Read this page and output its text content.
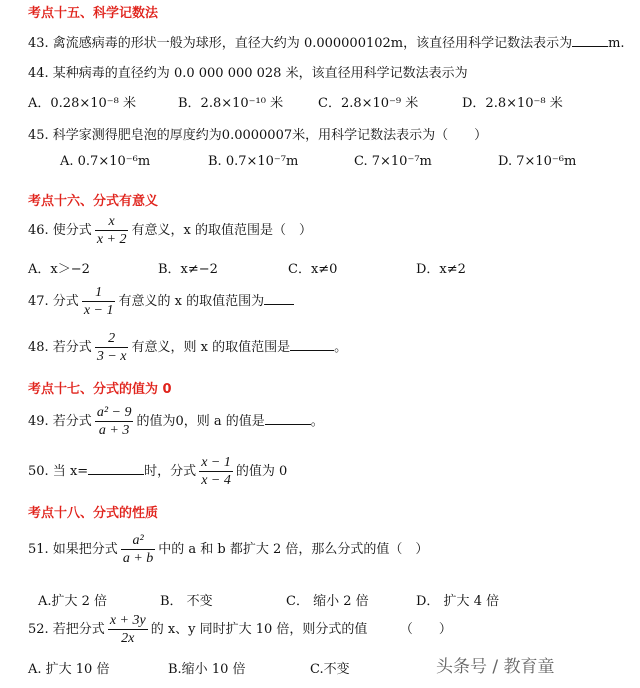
考点十五、科学记数法
43. 禽流感病毒的形状一般为球形，直径大约为 0.000000102m，该直径用科学记数法表示为	m.
44. 某种病毒的直径约为 0.0 000 000 028 米，该直径用科学记数法表示为
A．0.28×10⁻⁸ 米	B．2.8×10⁻¹⁰ 米	C．2.8×10⁻⁹ 米	D．2.8×10⁻⁸ 米
45. 科学家测得肥皂泡的厚度约为0.0000007米，用科学记数法表示为（　　）
A. 0.7×10⁻⁶m	B. 0.7×10⁻⁷m	C. 7×10⁻⁷m	D. 7×10⁻⁶m
考点十六、分式有意义
46. 使分式 $\frac{x}{x + 2}$ 有意义，x 的取值范围是（　）
A．x＞−2	B．x≠−2	C．x≠0	D．x≠2
47. 分式 $\frac{1}{x - 1}$ 有意义的 x 的取值范围为
48. 若分式 $\frac{2}{3 - x}$ 有意义，则 x 的取值范围是	。
考点十七、分式的值为 0
49. 若分式 $\frac{\text{a² − 9}}{a + 3}$ 的值为0，则 a 的值是	。
50. 当 x=	时，分式 $\frac{x - 1}{x - 4}$ 的值为 0
考点十八、分式的性质
51. 如果把分式 $\frac{\text{a²}}{a + b}$ 中的 a 和 b 都扩大 2 倍，那么分式的值（　）
A.扩大 2 倍	B． 不变	C． 缩小 2 倍	D． 扩大 4 倍
52. 若把分式 $\frac{x + 3y}{2x}$ 的 x、y 同时扩大 10 倍，则分式的值　　　（　　）
A. 扩大 10 倍	B.缩小 10 倍	C.不变	头条号 / 教育童
